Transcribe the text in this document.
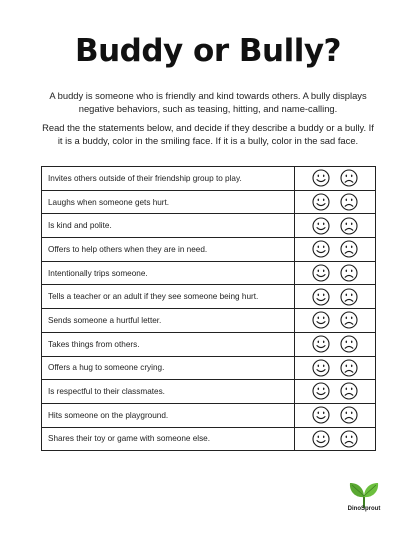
Buddy or Bully?

A buddy is someone who is friendly and kind towards others. A bully displays negative behaviors, such as teasing, hitting, and name-calling.

Read the the statements below, and decide if they describe a buddy or a bully. If it is a buddy, color in the smiling face. If it is a bully, color in the sad face.

Invites others outside of their friendship group to play.	
Laughs when someone gets hurt.	
Is kind and polite.	
Offers to help others when they are in need.	
Intentionally trips someone.	
Tells a teacher or an adult if they see someone being hurt.	
Sends someone a hurtful letter.	
Takes things from others.	
Offers a hug to someone crying.	
Is respectful to their classmates.	
Hits someone on the playground.	
Shares their toy or game with someone else.	
DinoSprout
